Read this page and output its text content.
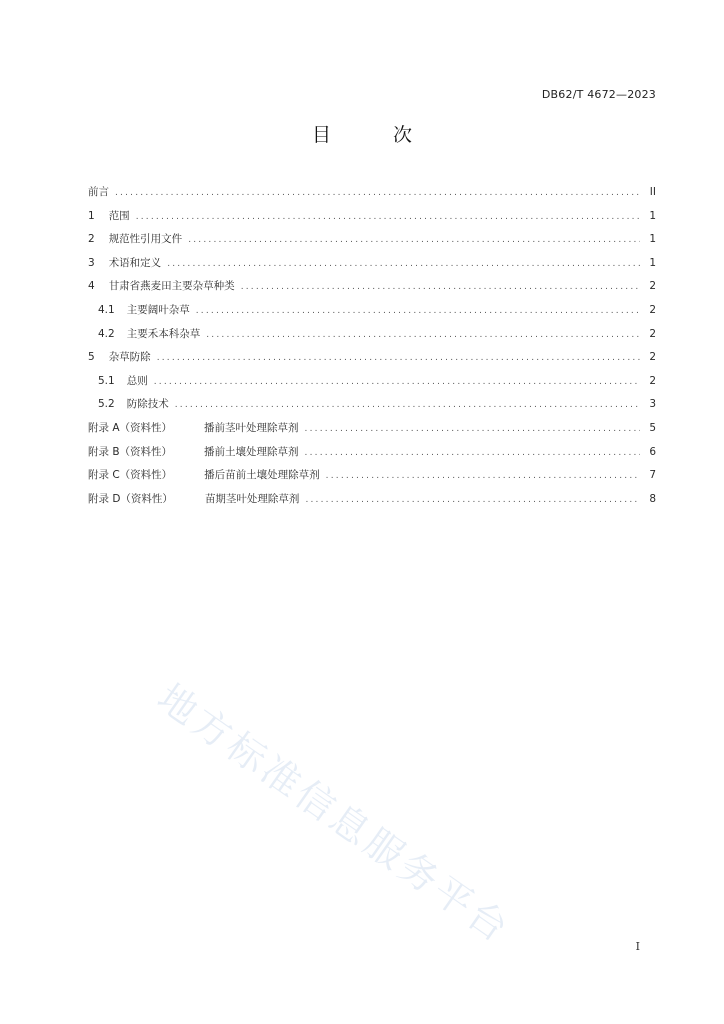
DB62/T 4672—2023
目 次
前言 .....	II
1 范围 .....	1
2 规范性引用文件 .....	1
3 术语和定义 .....	1
4 甘肃省燕麦田主要杂草种类 .....	2
4.1 主要阔叶杂草 .....	2
4.2 主要禾本科杂草 .....	2
5 杂草防除 .....	2
5.1 总则 .....	2
5.2 防除技术 .....	3
附录 A（资料性）	播前茎叶处理除草剂 .....	5
附录 B（资料性）	播前土壤处理除草剂 .....	6
附录 C（资料性）	播后苗前土壤处理除草剂 .....	7
附录 D（资料性）	苗期茎叶处理除草剂 .....	8
地方标准信息服务平台	I
